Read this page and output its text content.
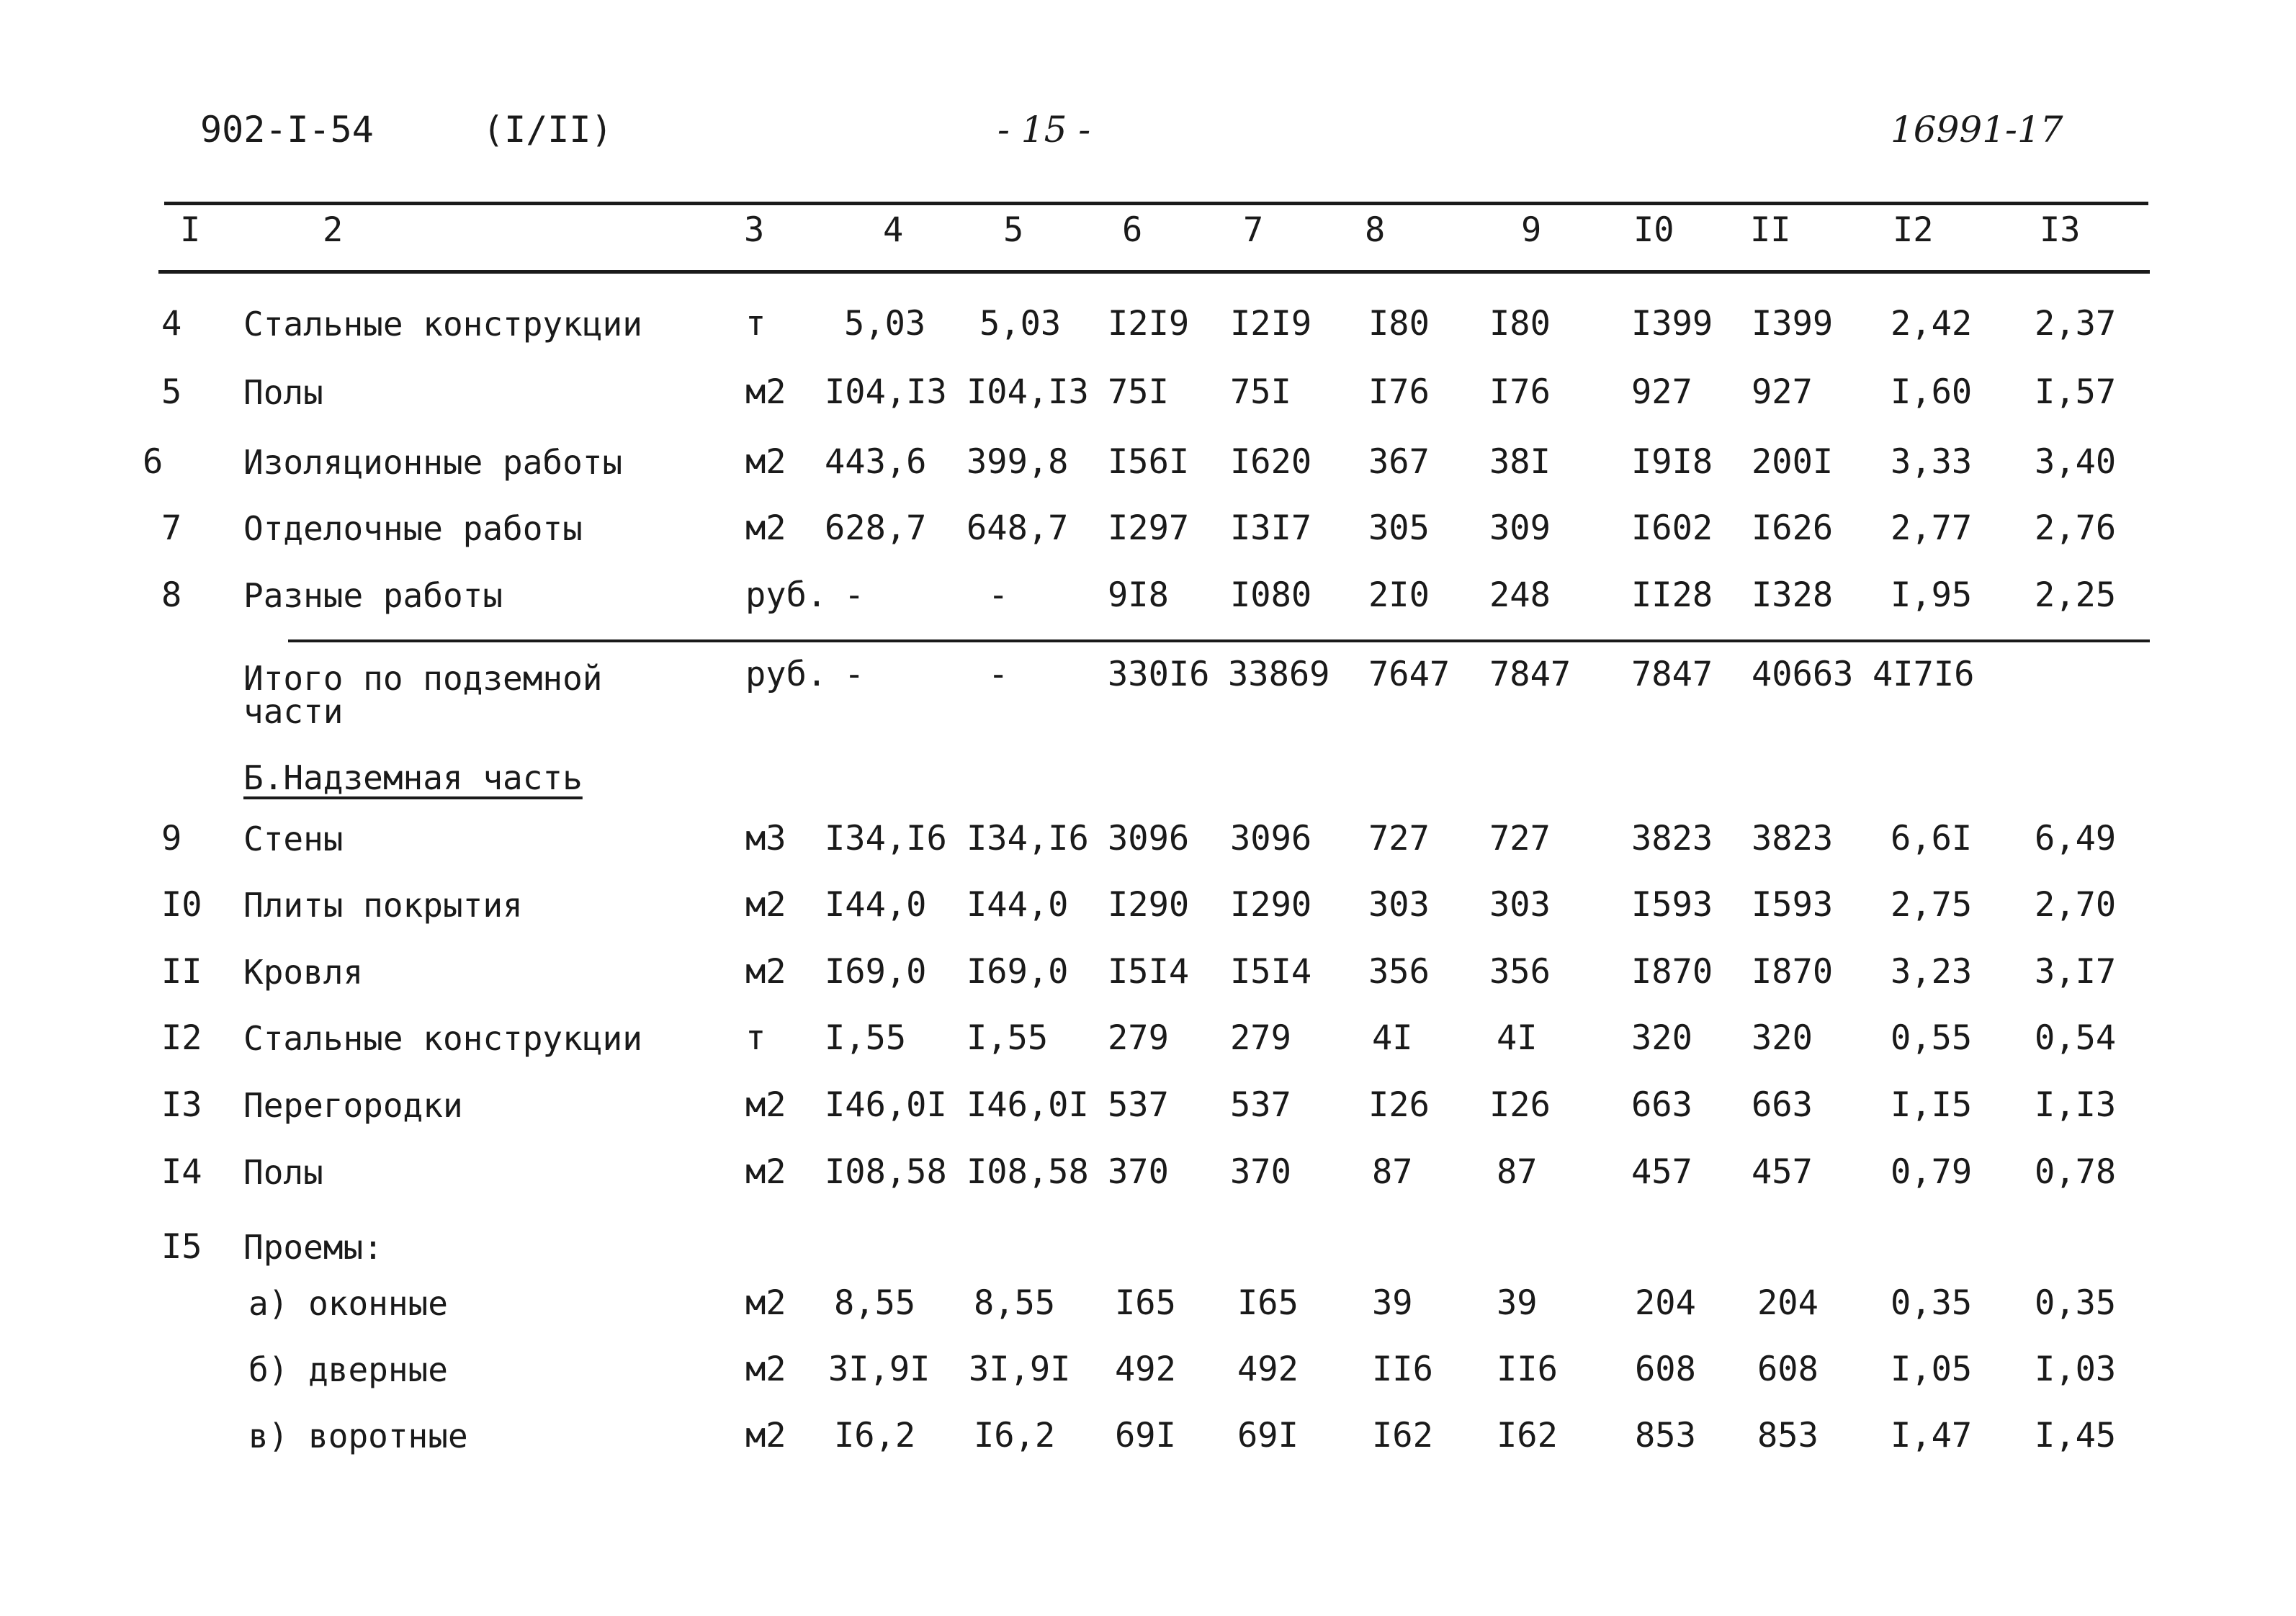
902-I-54	(I/II)	- 15 -	16991-17
I	2	3	4	5	6	7	8	9	I0 II	I2	I3
4 Стальные конструкции	т 5,03 5,03 I2I9 I2I9 I80 I80 I399 I399 2,42 2,37
5 Полы	м2 I04,I3 I04,I3 75I 75I I76 I76 927 927 I,60 I,57
6 Изоляционные работы	м2 443,6 399,8 I56I I620 367 38I I9I8 200I 3,33 3,40
7 Отделочные работы	м2 628,7 648,7 I297 I3I7 305 309 I602 I626 2,77 2,76
8 Разные работы	руб. -	-	9I8 I080 2I0 248 II28 I328 I,95 2,25
Итого по подземной
части
руб. -	-	330I6 33869 7647 7847 7847 40663 4I7I6
Б.Надземная часть
9 Стены	м3 I34,I6 I34,I6 3096 3096 727 727 3823 3823 6,6I 6,49
I0 Плиты покрытия	м2 I44,0 I44,0 I290 I290 303 303 I593 I593 2,75 2,70
II Кровля	м2 I69,0 I69,0 I5I4 I5I4 356 356 I870 I870 3,23 3,I7
I2 Стальные конструкции	т I,55 I,55 279 279 4I 4I	320 320 0,55 0,54
I3 Перегородки	м2 I46,0I I46,0I 537 537 I26 I26 663 663 I,I5 I,I3
I4 Полы	м2 I08,58 I08,58 370 370 87 87	457 457 0,79 0,78
I5 Проемы:
а) оконные	м2 8,55 8,55 I65 I65 39 39	204 204 0,35 0,35
б) дверные	м2 3I,9I 3I,9I 492 492 II6 II6 608 608 I,05 I,03
в) воротные	м2 I6,2 I6,2 69I 69I I62 I62 853 853 I,47 I,45
